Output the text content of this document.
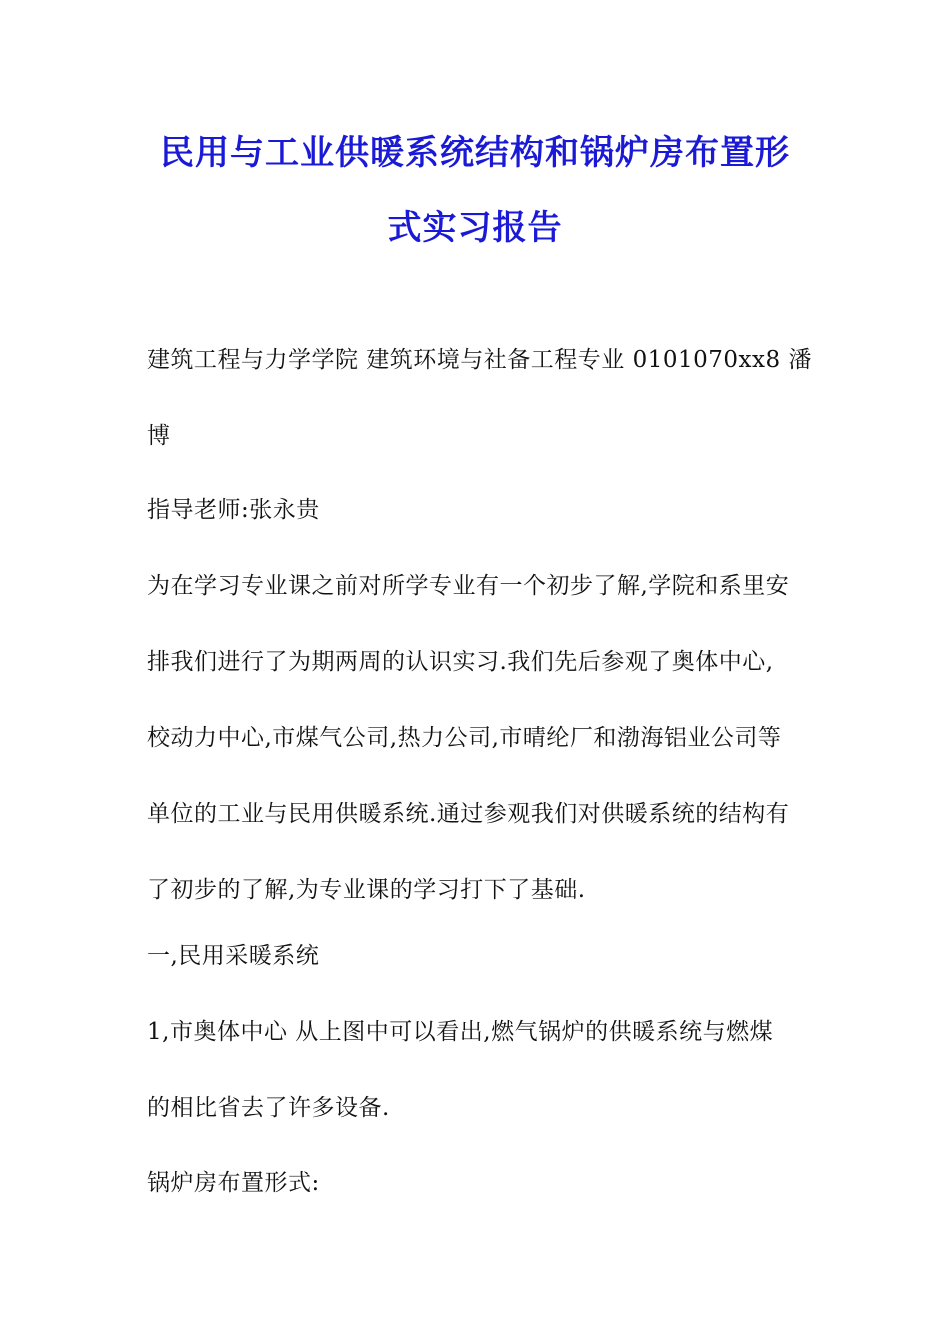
民用与工业供暖系统结构和锅炉房布置形
式实习报告
建筑工程与力学学院 建筑环境与社备工程专业 0101070xx8 潘
博
指导老师:张永贵
为在学习专业课之前对所学专业有一个初步了解,学院和系里安
排我们进行了为期两周的认识实习.我们先后参观了奥体中心,
校动力中心,市煤气公司,热力公司,市晴纶厂和渤海铝业公司等
单位的工业与民用供暖系统.通过参观我们对供暖系统的结构有
了初步的了解,为专业课的学习打下了基础.
一,民用采暖系统
1,市奥体中心 从上图中可以看出,燃气锅炉的供暖系统与燃煤
的相比省去了许多设备.
锅炉房布置形式:
